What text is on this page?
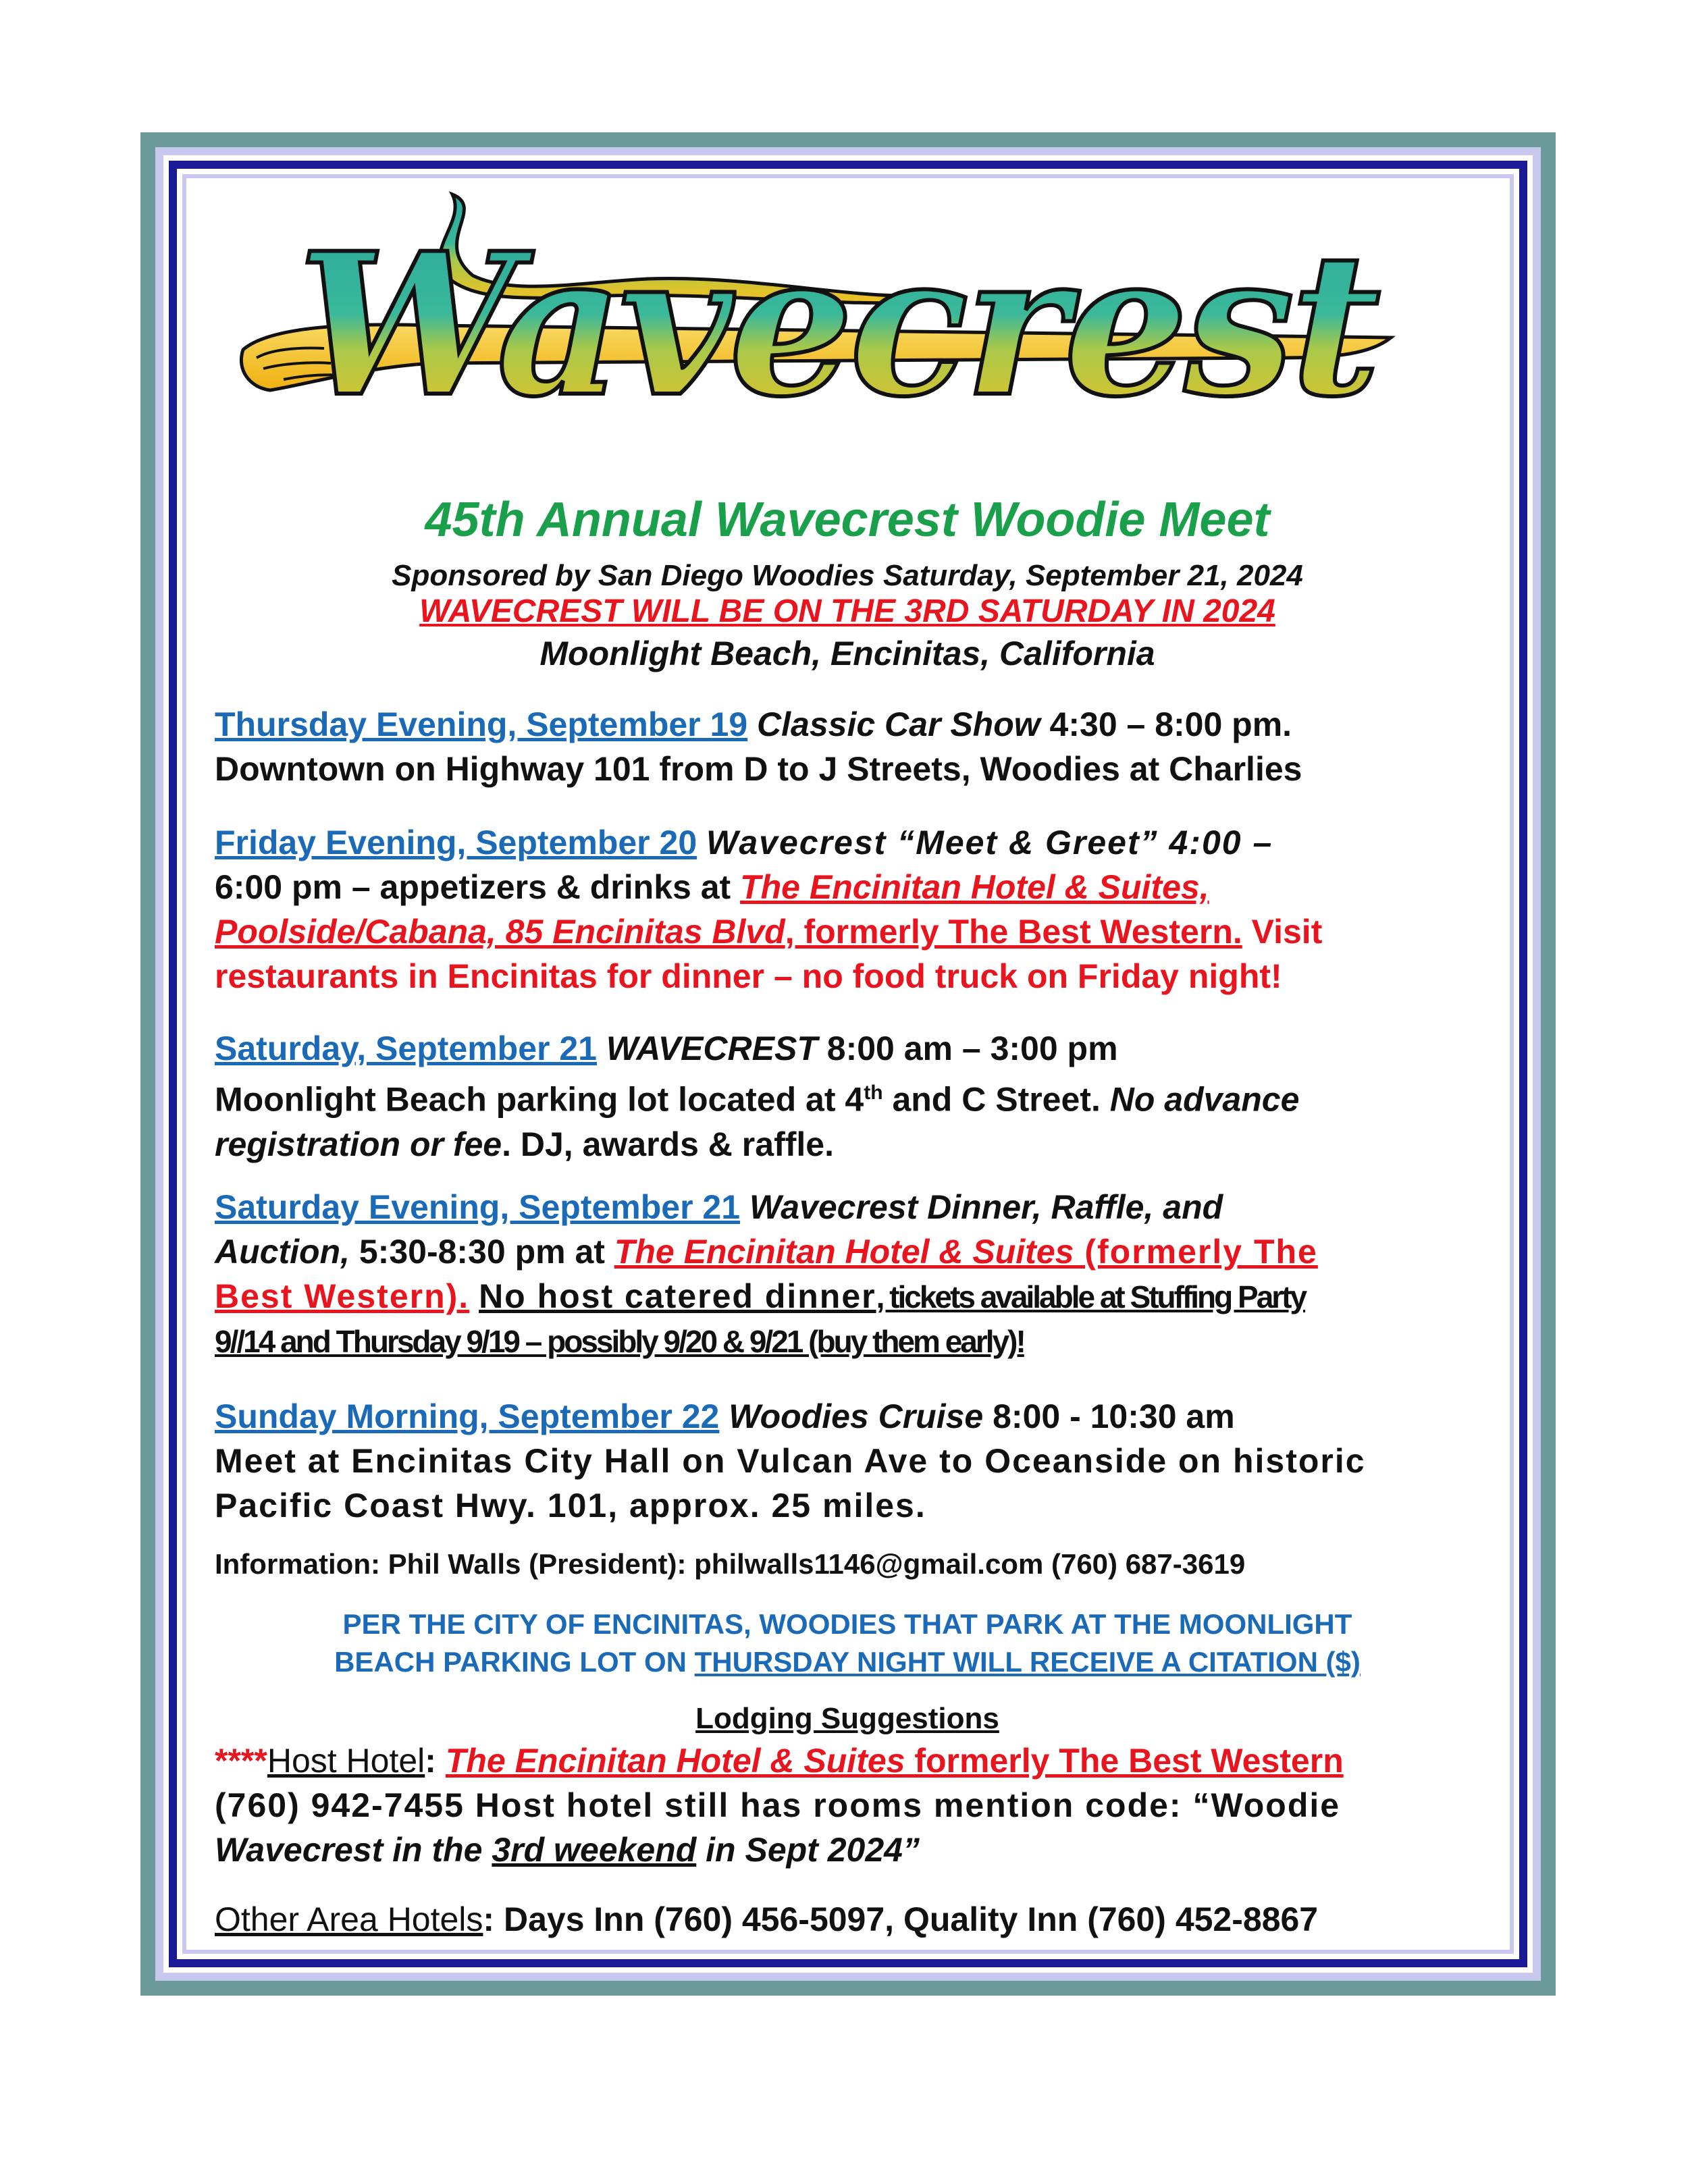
Wavecrest
45th Annual Wavecrest Woodie Meet
Sponsored by San Diego Woodies Saturday, September 21, 2024
WAVECREST WILL BE ON THE 3RD SATURDAY IN 2024
Moonlight Beach, Encinitas, California

Thursday Evening, September 19 Classic Car Show 4:30 – 8:00 pm.
Downtown on Highway 101 from D to J Streets, Woodies at Charlies

Friday Evening, September 20 Wavecrest “Meet & Greet” 4:00 –
6:00 pm – appetizers & drinks at The Encinitan Hotel & Suites,
Poolside/Cabana, 85 Encinitas Blvd, formerly The Best Western. Visit
restaurants in Encinitas for dinner – no food truck on Friday night!

Saturday, September 21 WAVECREST 8:00 am – 3:00 pm
Moonlight Beach parking lot located at 4th and C Street. No advance
registration or fee. DJ, awards & raffle.

Saturday Evening, September 21 Wavecrest Dinner, Raffle, and
Auction, 5:30-8:30 pm at The Encinitan Hotel & Suites (formerly The
Best Western). No host catered dinner, tickets available at Stuffing Party
9//14 and Thursday 9/19 – possibly 9/20 & 9/21 (buy them early)!

Sunday Morning, September 22 Woodies Cruise 8:00 - 10:30 am
Meet at Encinitas City Hall on Vulcan Ave to Oceanside on historic
Pacific Coast Hwy. 101, approx. 25 miles.

Information: Phil Walls (President): philwalls1146@gmail.com (760) 687-3619
PER THE CITY OF ENCINITAS, WOODIES THAT PARK AT THE MOONLIGHT
BEACH PARKING LOT ON THURSDAY NIGHT WILL RECEIVE A CITATION ($)
Lodging Suggestions

****Host Hotel: The Encinitan Hotel & Suites formerly The Best Western
(760) 942-7455 Host hotel still has rooms mention code: “Woodie
Wavecrest in the 3rd weekend in Sept 2024”

Other Area Hotels: Days Inn (760) 456-5097, Quality Inn (760) 452-8867
